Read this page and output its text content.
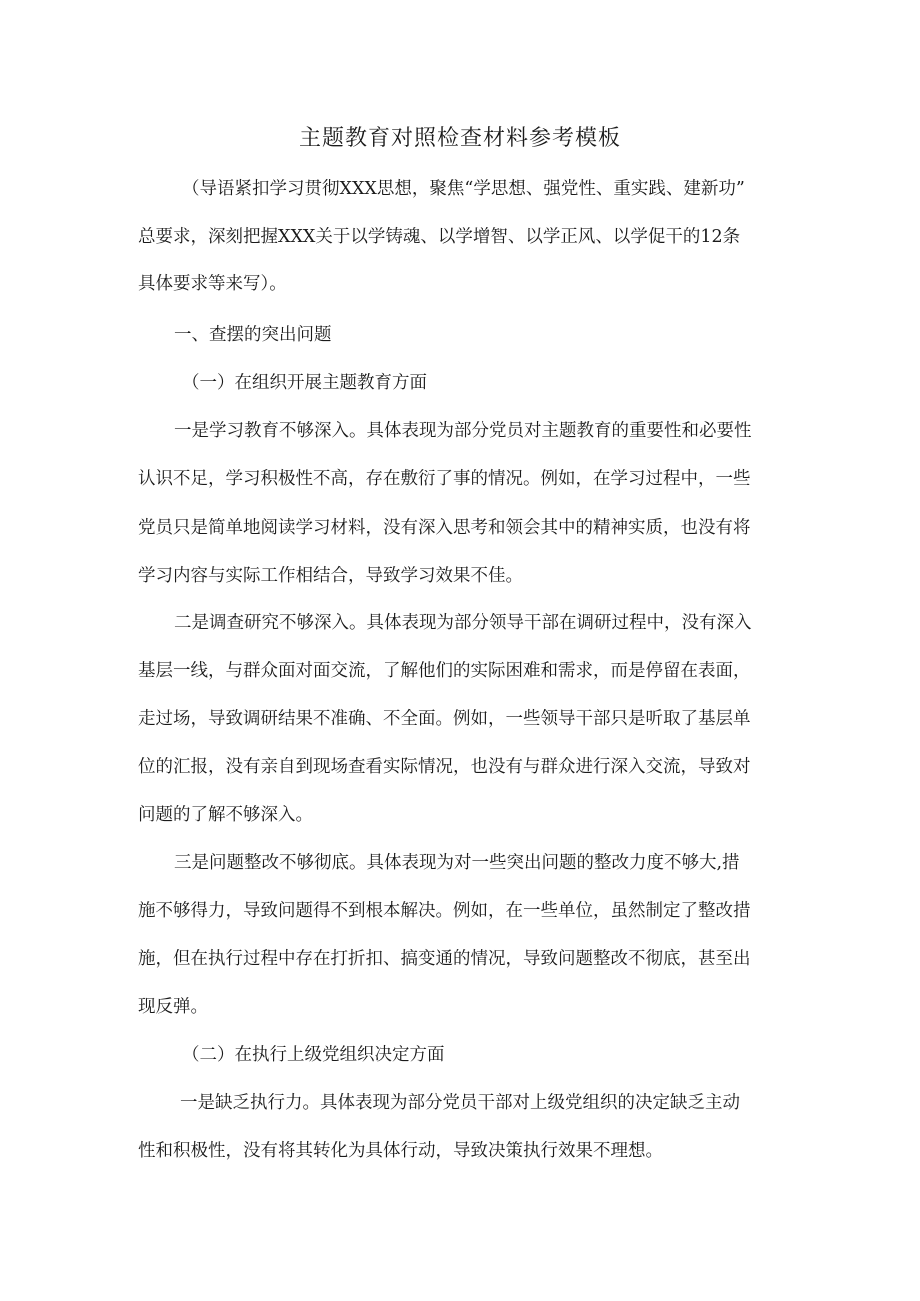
主题教育对照检查材料参考模板

（导语紧扣学习贯彻XXX思想，聚焦“学思想、强党性、重实践、建新功”

总要求，深刻把握XXX关于以学铸魂、以学增智、以学正风、以学促干的12条

具体要求等来写）。

一、查摆的突出问题

（一）在组织开展主题教育方面

一是学习教育不够深入。具体表现为部分党员对主题教育的重要性和必要性

认识不足，学习积极性不高，存在敷衍了事的情况。例如，在学习过程中，一些

党员只是简单地阅读学习材料，没有深入思考和领会其中的精神实质，也没有将

学习内容与实际工作相结合，导致学习效果不佳。

二是调查研究不够深入。具体表现为部分领导干部在调研过程中，没有深入

基层一线，与群众面对面交流，了解他们的实际困难和需求，而是停留在表面，

走过场，导致调研结果不准确、不全面。例如，一些领导干部只是听取了基层单

位的汇报，没有亲自到现场查看实际情况，也没有与群众进行深入交流，导致对

问题的了解不够深入。

三是问题整改不够彻底。具体表现为对一些突出问题的整改力度不够大,措

施不够得力，导致问题得不到根本解决。例如，在一些单位，虽然制定了整改措

施，但在执行过程中存在打折扣、搞变通的情况，导致问题整改不彻底，甚至出

现反弹。

（二）在执行上级党组织决定方面

一是缺乏执行力。具体表现为部分党员干部对上级党组织的决定缺乏主动

性和积极性，没有将其转化为具体行动，导致决策执行效果不理想。
